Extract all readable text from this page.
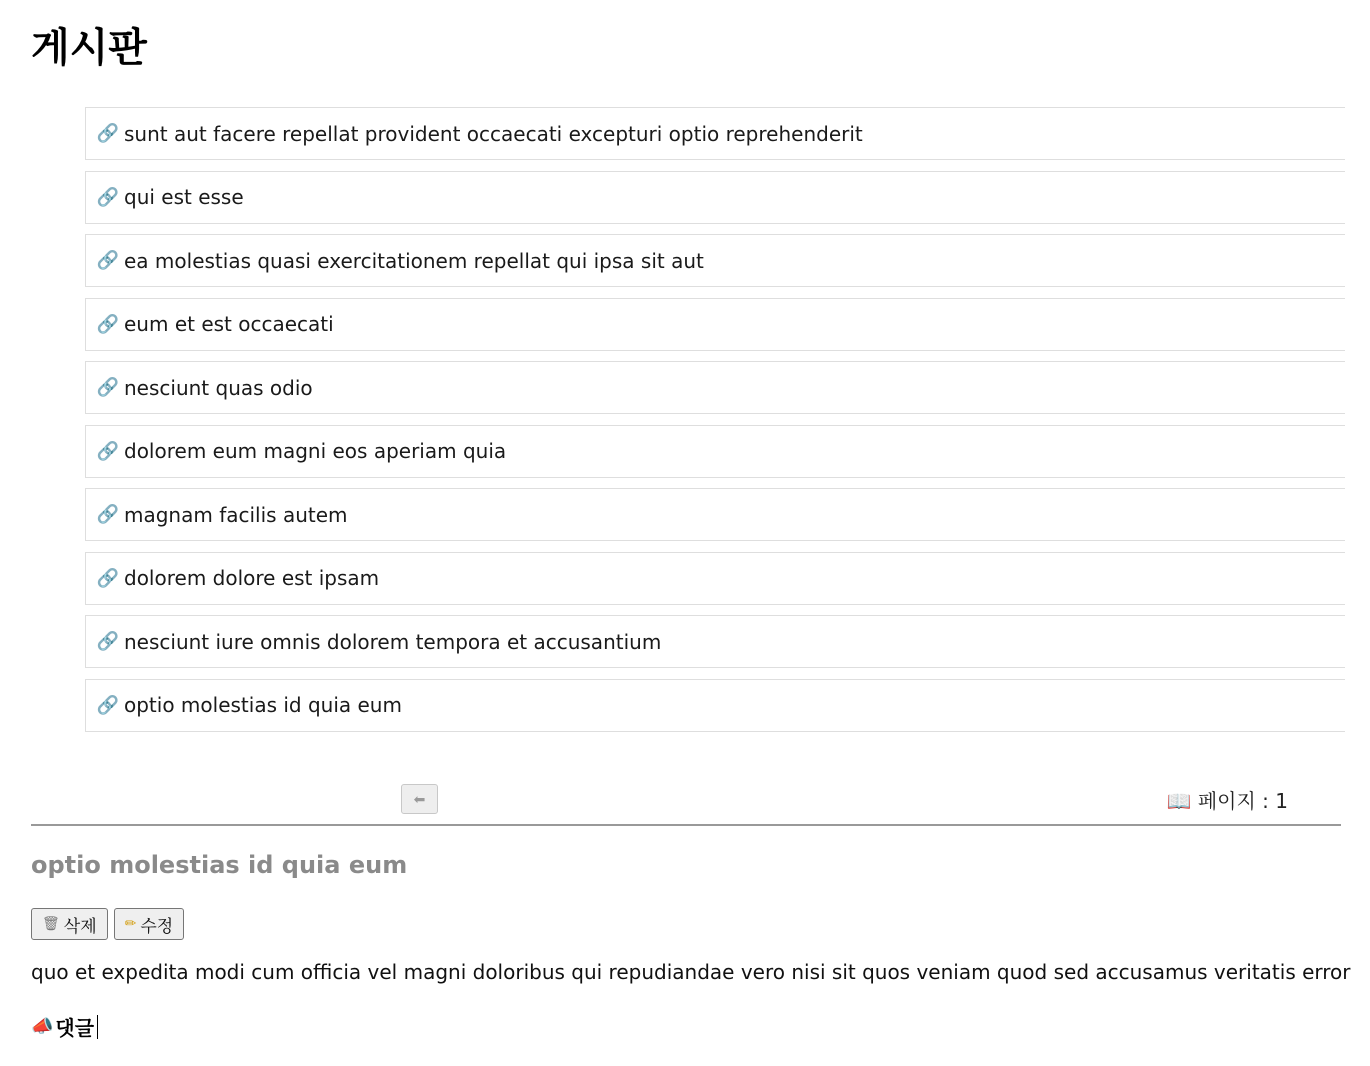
게시판
🔗 sunt aut facere repellat provident occaecati excepturi optio reprehenderit
🔗 qui est esse
🔗 ea molestias quasi exercitationem repellat qui ipsa sit aut
🔗 eum et est occaecati
🔗 nesciunt quas odio
🔗 dolorem eum magni eos aperiam quia
🔗 magnam facilis autem
🔗 dolorem dolore est ipsam
🔗 nesciunt iure omnis dolorem tempora et accusantium
🔗 optio molestias id quia eum
⬅	📖 페이지 : 1
optio molestias id quia eum
🗑 삭제 ✏ 수정

quo et expedita modi cum officia vel magni doloribus qui repudiandae vero nisi sit quos veniam quod sed accusamus veritatis error

📣 댓글
